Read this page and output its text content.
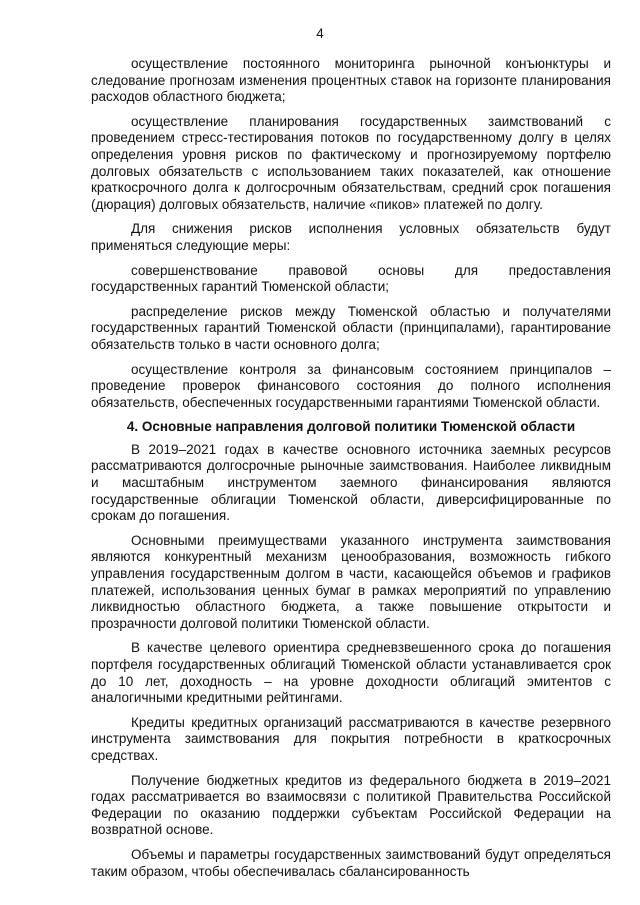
4

осуществление постоянного мониторинга рыночной конъюнктуры и следование прогнозам изменения процентных ставок на горизонте планирования расходов областного бюджета;

осуществление планирования государственных заимствований с проведением стресс-тестирования потоков по государственному долгу в целях определения уровня рисков по фактическому и прогнозируемому портфелю долговых обязательств с использованием таких показателей, как отношение краткосрочного долга к долгосрочным обязательствам, средний срок погашения (дюрация) долговых обязательств, наличие «пиков» платежей по долгу.

Для снижения рисков исполнения условных обязательств будут применяться следующие меры:

совершенствование правовой основы для предоставления государственных гарантий Тюменской области;

распределение рисков между Тюменской областью и получателями государственных гарантий Тюменской области (принципалами), гарантирование обязательств только в части основного долга;

осуществление контроля за финансовым состоянием принципалов – проведение проверок финансового состояния до полного исполнения обязательств, обеспеченных государственными гарантиями Тюменской области.

4. Основные направления долговой политики Тюменской области

В 2019–2021 годах в качестве основного источника заемных ресурсов рассматриваются долгосрочные рыночные заимствования. Наиболее ликвидным и масштабным инструментом заемного финансирования являются государственные облигации Тюменской области, диверсифицированные по срокам до погашения.

Основными преимуществами указанного инструмента заимствования являются конкурентный механизм ценообразования, возможность гибкого управления государственным долгом в части, касающейся объемов и графиков платежей, использования ценных бумаг в рамках мероприятий по управлению ликвидностью областного бюджета, а также повышение открытости и прозрачности долговой политики Тюменской области.

В качестве целевого ориентира средневзвешенного срока до погашения портфеля государственных облигаций Тюменской области устанавливается срок до 10 лет, доходность – на уровне доходности облигаций эмитентов с аналогичными кредитными рейтингами.

Кредиты кредитных организаций рассматриваются в качестве резервного инструмента заимствования для покрытия потребности в краткосрочных средствах.

Получение бюджетных кредитов из федерального бюджета в 2019–2021 годах рассматривается во взаимосвязи с политикой Правительства Российской Федерации по оказанию поддержки субъектам Российской Федерации на возвратной основе.

Объемы и параметры государственных заимствований будут определяться таким образом, чтобы обеспечивалась сбалансированность
